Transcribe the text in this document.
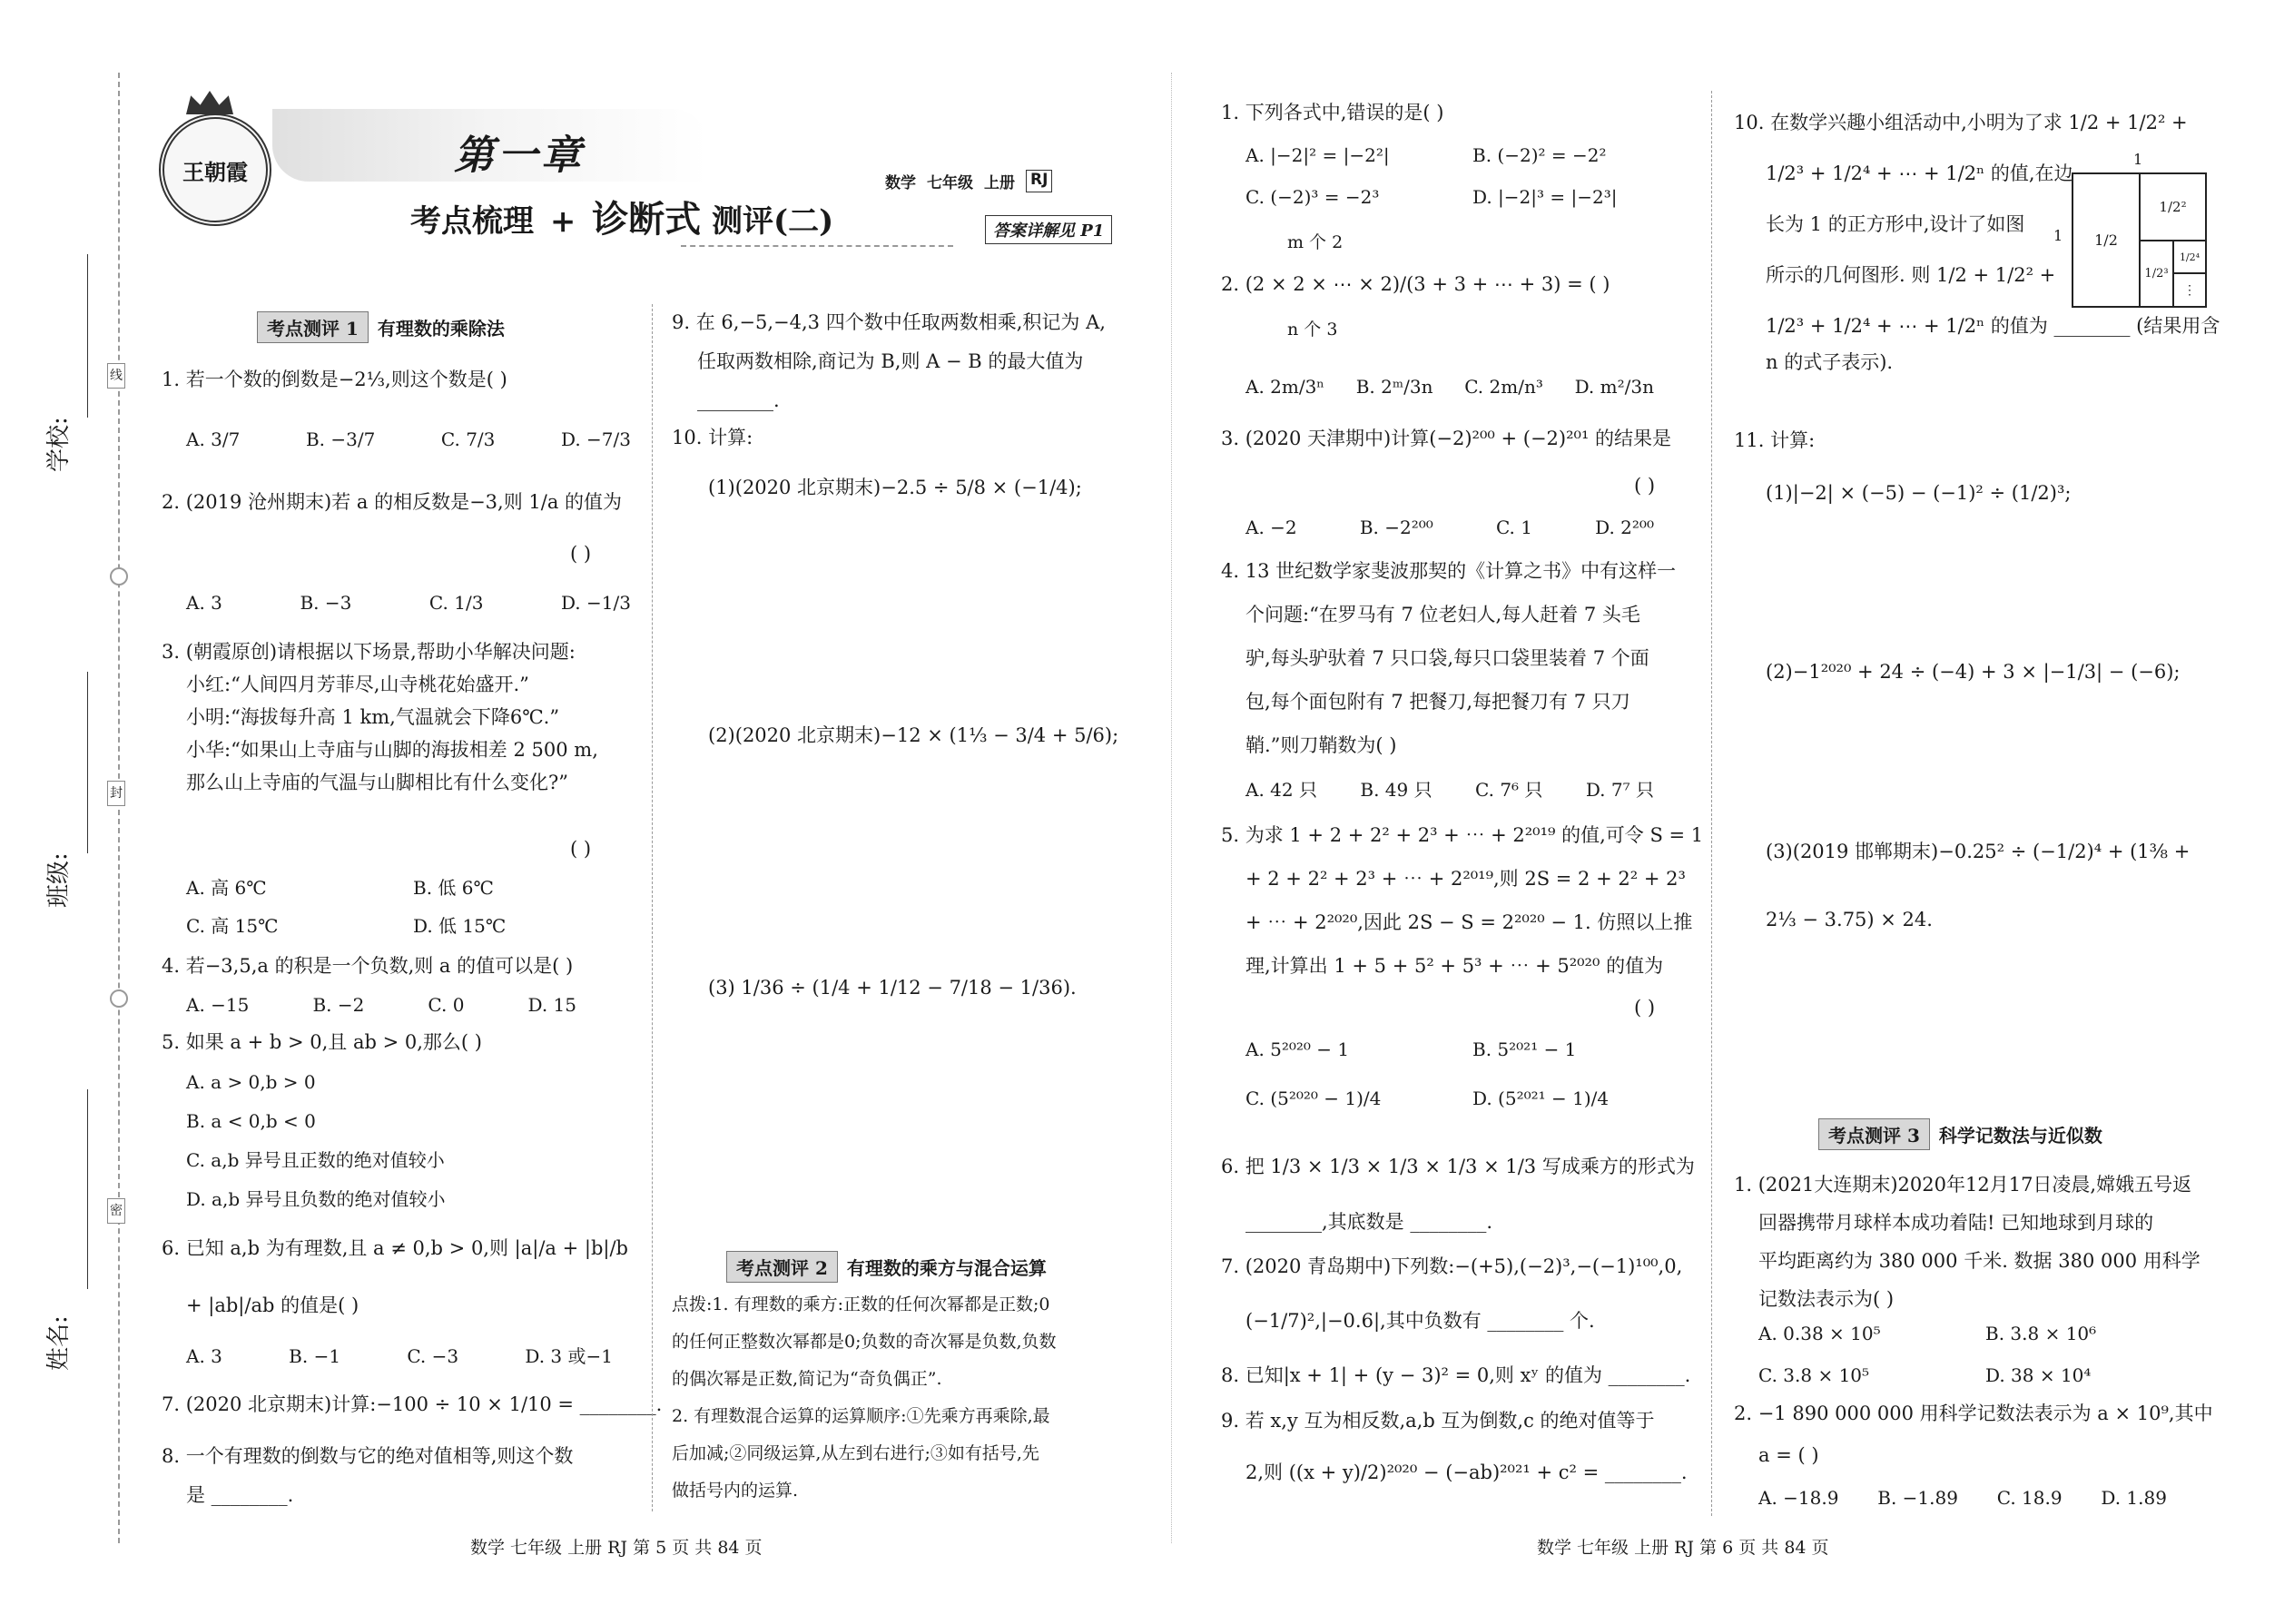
学校:
班级:
姓名:
线
封
密
王朝霞	第一章
考点梳理 + 诊断式 测评(二)
数学 七年级 上册 RJ
答案详解见 P1
考点测评 1	有理数的乘除法
1. 若一个数的倒数是−2⅓,则这个数是( )
A. 3/7	B. −3/7	C. 7/3	D. −7/3
2. (2019 沧州期末)若 a 的相反数是−3,则 1/a 的值为
( )
A. 3	B. −3	C. 1/3	D. −1/3
3. (朝霞原创)请根据以下场景,帮助小华解决问题:
小红:“人间四月芳菲尽,山寺桃花始盛开.”
小明:“海拔每升高 1 km,气温就会下降6℃.”
小华:“如果山上寺庙与山脚的海拔相差 2 500 m,
那么山上寺庙的气温与山脚相比有什么变化?”
( )
A. 高 6℃	B. 低 6℃
C. 高 15℃	D. 低 15℃
4. 若−3,5,a 的积是一个负数,则 a 的值可以是( )
A. −15	B. −2	C. 0	D. 15
5. 如果 a + b > 0,且 ab > 0,那么( )
A. a > 0,b > 0
B. a < 0,b < 0
C. a,b 异号且正数的绝对值较小
D. a,b 异号且负数的绝对值较小
6. 已知 a,b 为有理数,且 a ≠ 0,b > 0,则 |a|/a + |b|/b
+ |ab|/ab 的值是( )
A. 3	B. −1	C. −3	D. 3 或−1
7. (2020 北京期末)计算:−100 ÷ 10 × 1/10 = ________.
8. 一个有理数的倒数与它的绝对值相等,则这个数
是 ________.
9. 在 6,−5,−4,3 四个数中任取两数相乘,积记为 A,
任取两数相除,商记为 B,则 A − B 的最大值为
________.
10. 计算:
(1)(2020 北京期末)−2.5 ÷ 5/8 × (−1/4);
(2)(2020 北京期末)−12 × (1⅓ − 3/4 + 5/6);
(3) 1/36 ÷ (1/4 + 1/12 − 7/18 − 1/36).
考点测评 2	有理数的乘方与混合运算
点拨:1. 有理数的乘方:正数的任何次幂都是正数;0
的任何正整数次幂都是0;负数的奇次幂是负数,负数
的偶次幂是正数,简记为“奇负偶正”.
2. 有理数混合运算的运算顺序:①先乘方再乘除,最
后加减;②同级运算,从左到右进行;③如有括号,先
做括号内的运算.
数学 七年级 上册 RJ 第 5 页 共 84 页
1. 下列各式中,错误的是( )
A. |−2|² = |−2²|	B. (−2)² = −2²
C. (−2)³ = −2³	D. |−2|³ = |−2³|
m 个 2
2. (2 × 2 × ⋯ × 2)/(3 + 3 + ⋯ + 3) = ( )
n 个 3
A. 2m/3ⁿ B. 2ᵐ/3n C. 2m/n³ D. m²/3n
3. (2020 天津期中)计算(−2)²⁰⁰ + (−2)²⁰¹ 的结果是
( )
A. −2	B. −2²⁰⁰	C. 1	D. 2²⁰⁰
4. 13 世纪数学家斐波那契的《计算之书》中有这样一
个问题:“在罗马有 7 位老妇人,每人赶着 7 头毛
驴,每头驴驮着 7 只口袋,每只口袋里装着 7 个面
包,每个面包附有 7 把餐刀,每把餐刀有 7 只刀
鞘.”则刀鞘数为( )
A. 42 只 B. 49 只 C. 7⁶ 只 D. 7⁷ 只
5. 为求 1 + 2 + 2² + 2³ + ⋯ + 2²⁰¹⁹ 的值,可令 S = 1
+ 2 + 2² + 2³ + ⋯ + 2²⁰¹⁹,则 2S = 2 + 2² + 2³
+ ⋯ + 2²⁰²⁰,因此 2S − S = 2²⁰²⁰ − 1. 仿照以上推
理,计算出 1 + 5 + 5² + 5³ + ⋯ + 5²⁰²⁰ 的值为
( )
A. 5²⁰²⁰ − 1	B. 5²⁰²¹ − 1
C. (5²⁰²⁰ − 1)/4	D. (5²⁰²¹ − 1)/4
6. 把 1/3 × 1/3 × 1/3 × 1/3 × 1/3 写成乘方的形式为
________,其底数是 ________.
7. (2020 青岛期中)下列数:−(+5),(−2)³,−(−1)¹⁰⁰,0,
(−1/7)²,|−0.6|,其中负数有 ________ 个.
8. 已知|x + 1| + (y − 3)² = 0,则 xʸ 的值为 ________.
9. 若 x,y 互为相反数,a,b 互为倒数,c 的绝对值等于
2,则 ((x + y)/2)²⁰²⁰ − (−ab)²⁰²¹ + c² = ________.
10. 在数学兴趣小组活动中,小明为了求 1/2 + 1/2² +
1/2³ + 1/2⁴ + ⋯ + 1/2ⁿ 的值,在边
长为 1 的正方形中,设计了如图
所示的几何图形. 则 1/2 + 1/2² +
1/2³ + 1/2⁴ + ⋯ + 1/2ⁿ 的值为 ________ (结果用含
n 的式子表示).
1/2
1/2²
1/2³
1/2⁴
⋮
1
1
11. 计算:
(1)|−2| × (−5) − (−1)² ÷ (1/2)³;
(2)−1²⁰²⁰ + 24 ÷ (−4) + 3 × |−1/3| − (−6);
(3)(2019 邯郸期末)−0.25² ÷ (−1/2)⁴ + (1⅜ +
2⅓ − 3.75) × 24.
考点测评 3	科学记数法与近似数
1. (2021大连期末)2020年12月17日凌晨,嫦娥五号返
回器携带月球样本成功着陆! 已知地球到月球的
平均距离约为 380 000 千米. 数据 380 000 用科学
记数法表示为( )
A. 0.38 × 10⁵	B. 3.8 × 10⁶
C. 3.8 × 10⁵	D. 38 × 10⁴
2. −1 890 000 000 用科学记数法表示为 a × 10⁹,其中
a = ( )
A. −18.9 B. −1.89 C. 18.9 D. 1.89
数学 七年级 上册 RJ 第 6 页 共 84 页
